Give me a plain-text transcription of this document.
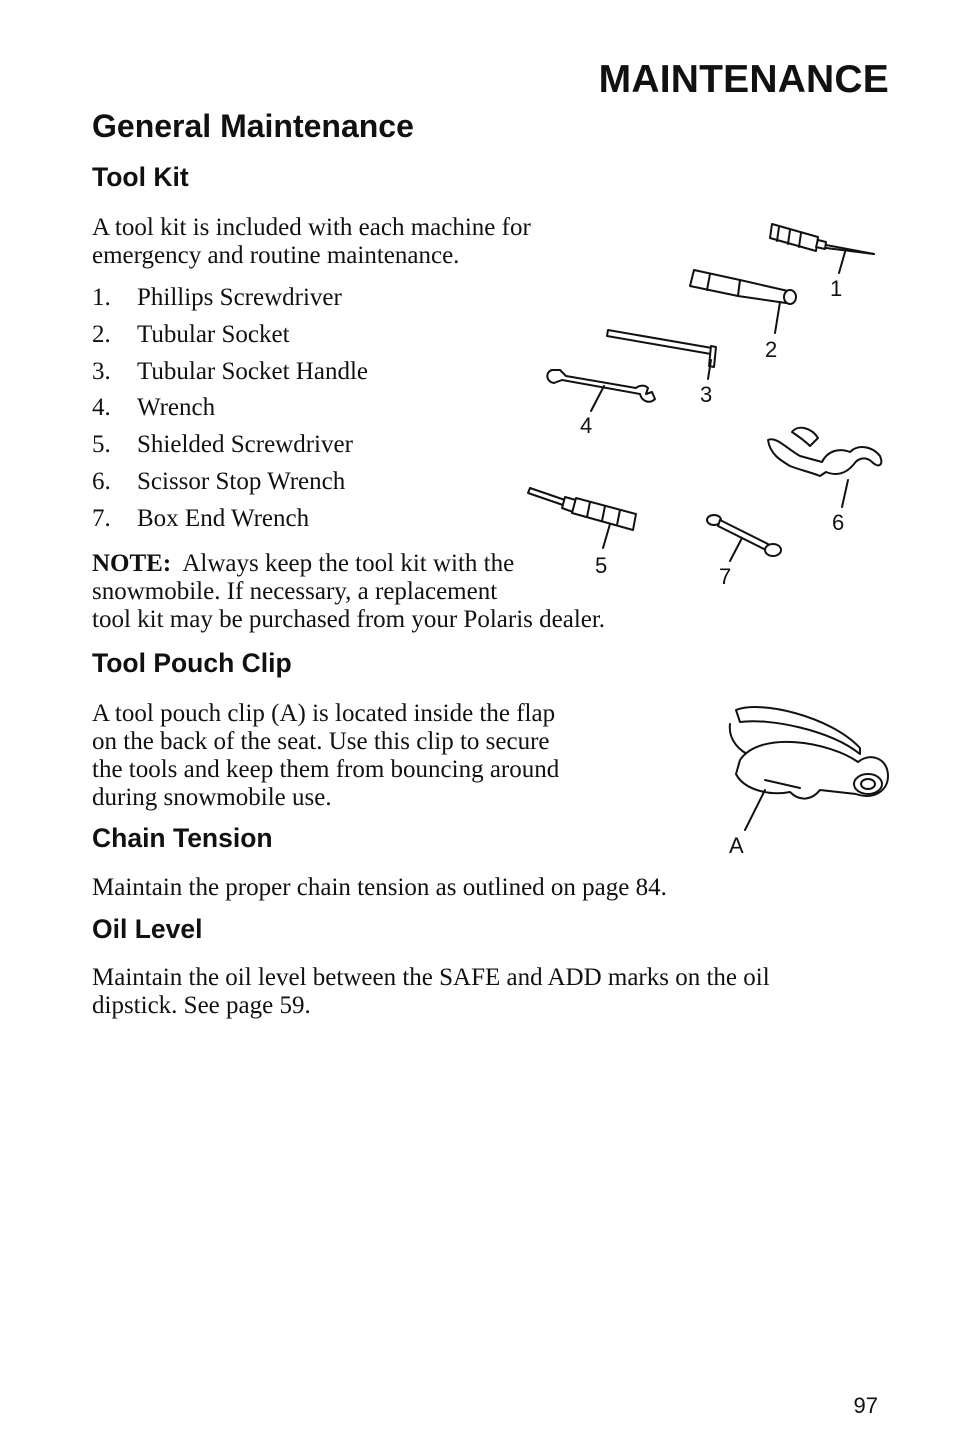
MAINTENANCE
General Maintenance
Tool Kit
A tool kit is included with each machine for
emergency and routine maintenance.
1. Phillips Screwdriver
2. Tubular Socket
3. Tubular Socket Handle
4. Wrench
5. Shielded Screwdriver
6. Scissor Stop Wrench
7. Box End Wrench
NOTE: Always keep the tool kit with the
snowmobile. If necessary, a replacement
tool kit may be purchased from your Polaris dealer.
1
2
3
4
5
6
7
Tool Pouch Clip
A tool pouch clip (A) is located inside the flap
on the back of the seat. Use this clip to secure
the tools and keep them from bouncing around
during snowmobile use.
A
Chain Tension
Maintain the proper chain tension as outlined on page 84.
Oil Level
Maintain the oil level between the SAFE and ADD marks on the oil
dipstick. See page 59.
97
